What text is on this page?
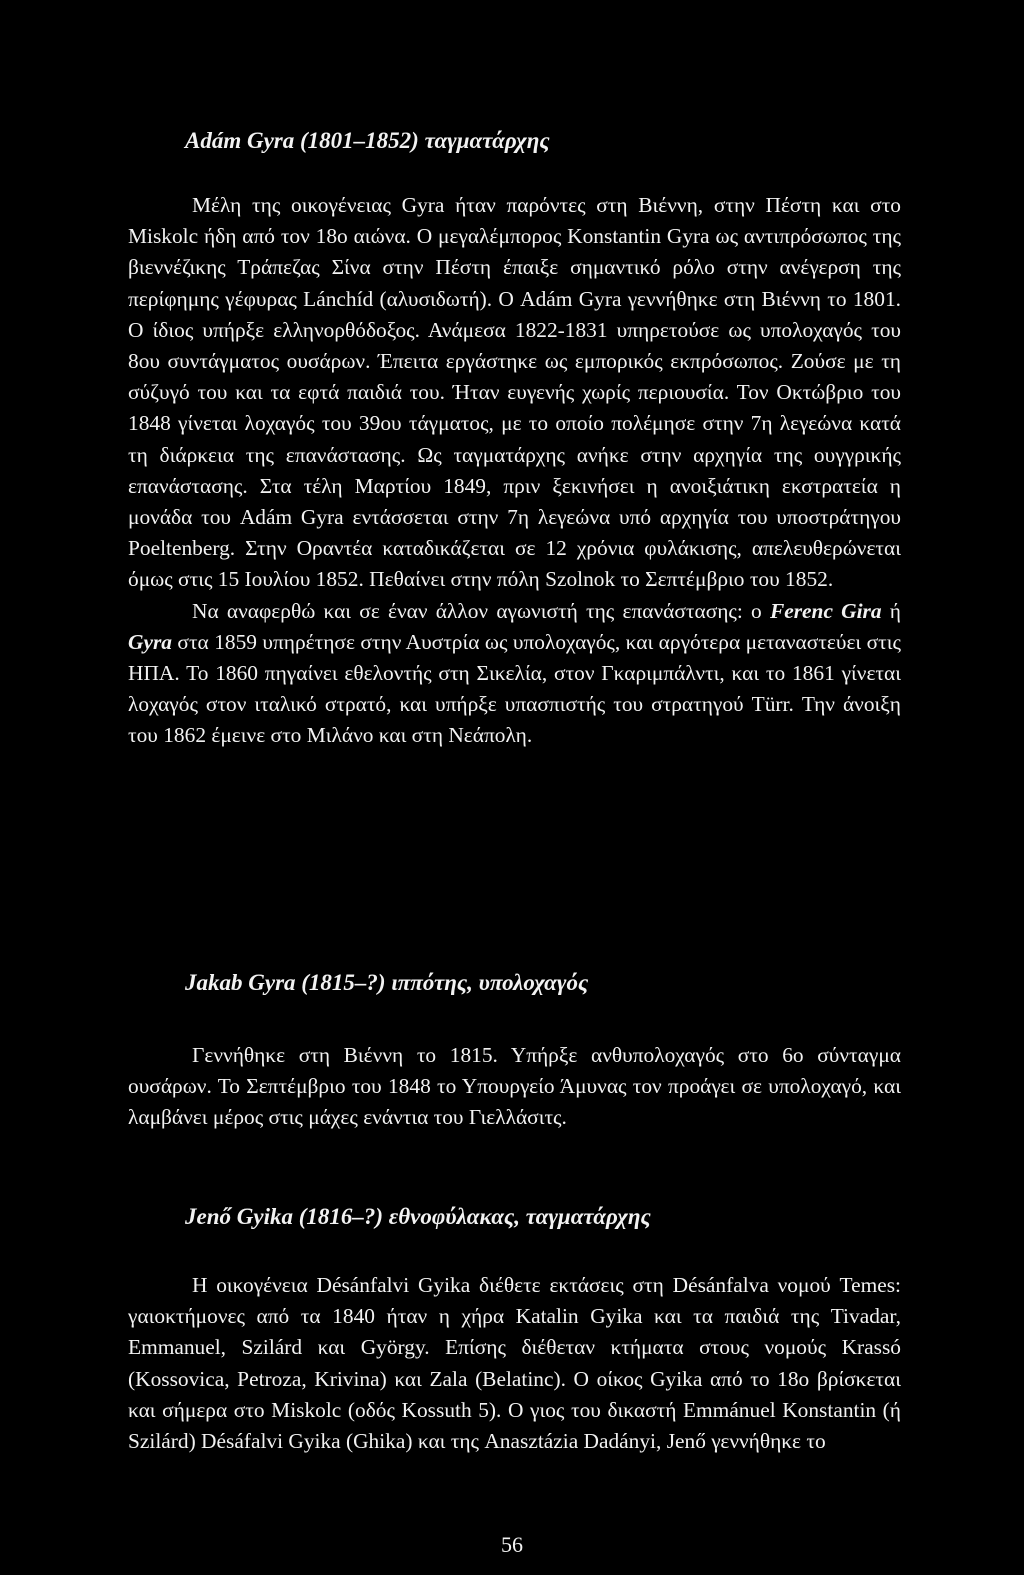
Adám Gyra (1801–1852) ταγματάρχης

Μέλη της οικογένειας Gyra ήταν παρόντες στη Βιέννη, στην Πέστη και στο Miskolc ήδη από τον 18ο αιώνα. Ο μεγαλέμπορος Konstantin Gyra ως αντιπρόσωπος της βιεννέζικης Τράπεζας Σίνα στην Πέστη έπαιξε σημαντικό ρόλο στην ανέγερση της περίφημης γέφυρας Lánchíd (αλυσιδωτή). Ο Adám Gyra γεννήθηκε στη Βιέννη το 1801. Ο ίδιος υπήρξε ελληνορθόδοξος. Ανάμεσα 1822-1831 υπηρετούσε ως υπολοχαγός του 8ου συντάγματος ουσάρων. Έπειτα εργάστηκε ως εμπορικός εκπρόσωπος. Ζούσε με τη σύζυγό του και τα εφτά παιδιά του. Ήταν ευγενής χωρίς περιουσία. Τον Οκτώβριο του 1848 γίνεται λοχαγός του 39ου τάγματος, με το οποίο πολέμησε στην 7η λεγεώνα κατά τη διάρκεια της επανάστασης. Ως ταγματάρχης ανήκε στην αρχηγία της ουγγρικής επανάστασης. Στα τέλη Μαρτίου 1849, πριν ξεκινήσει η ανοιξιάτικη εκστρατεία η μονάδα του Adám Gyra εντάσσεται στην 7η λεγεώνα υπό αρχηγία του υποστράτηγου Poeltenberg. Στην Οραντέα καταδικάζεται σε 12 χρόνια φυλάκισης, απελευθερώνεται όμως στις 15 Ιουλίου 1852. Πεθαίνει στην πόλη Szolnok το Σεπτέμβριο του 1852.

Να αναφερθώ και σε έναν άλλον αγωνιστή της επανάστασης: ο Ferenc Gira ή Gyra στα 1859 υπηρέτησε στην Αυστρία ως υπολοχαγός, και αργότερα μεταναστεύει στις ΗΠΑ. Το 1860 πηγαίνει εθελοντής στη Σικελία, στον Γκαριμπάλντι, και το 1861 γίνεται λοχαγός στον ιταλικό στρατό, και υπήρξε υπασπιστής του στρατηγού Türr. Την άνοιξη του 1862 έμεινε στο Μιλάνο και στη Νεάπολη.

Jakab Gyra (1815–?) ιππότης, υπολοχαγός

Γεννήθηκε στη Βιέννη το 1815. Υπήρξε ανθυπολοχαγός στο 6ο σύνταγμα ουσάρων. Το Σεπτέμβριο του 1848 το Υπουργείο Άμυνας τον προάγει σε υπολοχαγό, και λαμβάνει μέρος στις μάχες ενάντια του Γιελλάσιτς.

Jenő Gyika (1816–?) εθνοφύλακας, ταγματάρχης

Η οικογένεια Désánfalvi Gyika διέθετε εκτάσεις στη Désánfalva νομού Temes: γαιοκτήμονες από τα 1840 ήταν η χήρα Katalin Gyika και τα παιδιά της Tivadar, Emmanuel, Szilárd και György. Επίσης διέθεταν κτήματα στους νομούς Krassó (Kossovica, Petroza, Krivina) και Zala (Belatinc). Ο οίκος Gyika από το 18ο βρίσκεται και σήμερα στο Miskolc (οδός Kossuth 5). Ο γιος του δικαστή Emmánuel Konstantin (ή Szilárd) Désáfalvi Gyika (Ghika) και της Anasztázia Dadányi, Jenő γεννήθηκε το

56
